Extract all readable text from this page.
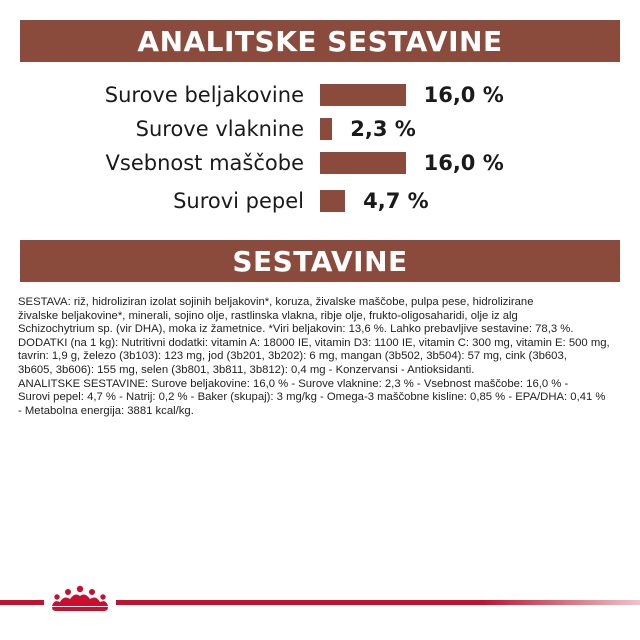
ANALITSKE SESTAVINE
Surove beljakovine	16,0 %
Surove vlaknine 2,3 %
Vsebnost maščobe	16,0 %
Surovi pepel	4,7 %
SESTAVINE

SESTAVA: riž, hidroliziran izolat sojinih beljakovin*, koruza, živalske maščobe, pulpa pese, hidrolizirane

živalske beljakovine*, minerali, sojino olje, rastlinska vlakna, ribje olje, frukto-oligosaharidi, olje iz alg

Schizochytrium sp. (vir DHA), moka iz žametnice. *Viri beljakovin: 13,6 %. Lahko prebavljive sestavine: 78,3 %.

DODATKI (na 1 kg): Nutritivni dodatki: vitamin A: 18000 IE, vitamin D3: 1100 IE, vitamin C: 300 mg, vitamin E: 500 mg,

tavrin: 1,9 g, železo (3b103): 123 mg, jod (3b201, 3b202): 6 mg, mangan (3b502, 3b504): 57 mg, cink (3b603,

3b605, 3b606): 155 mg, selen (3b801, 3b811, 3b812): 0,4 mg - Konzervansi - Antioksidanti.

ANALITSKE SESTAVINE: Surove beljakovine: 16,0 % - Surove vlaknine: 2,3 % - Vsebnost maščobe: 16,0 % -

Surovi pepel: 4,7 % - Natrij: 0,2 % - Baker (skupaj): 3 mg/kg - Omega-3 maščobne kisline: 0,85 % - EPA/DHA: 0,41 %

- Metabolna energija: 3881 kcal/kg.
